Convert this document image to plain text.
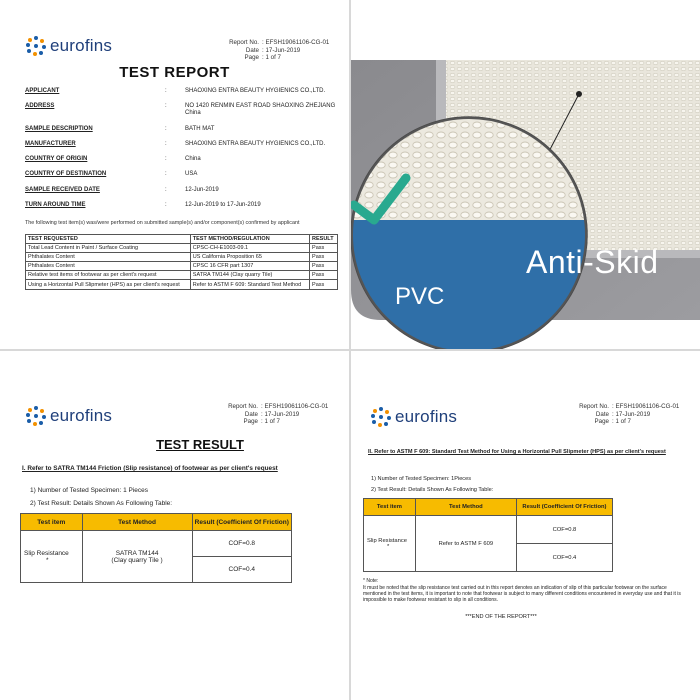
eurofins	Report No. :
EFSH19061106-CG-01
Date :
17-Jun-2019
Page :
1 of 7
TEST REPORT
APPLICANT	:	SHAOXING ENTRA BEAUTY HYGIENICS CO.,LTD.
ADDRESS	:	NO 1420 RENMIN EAST ROAD SHAOXING ZHEJIANG China
SAMPLE DESCRIPTION	:	BATH MAT
MANUFACTURER	:	SHAOXING ENTRA BEAUTY HYGIENICS CO.,LTD.
COUNTRY OF ORIGIN	:	China
COUNTRY OF DESTINATION	:	USA
SAMPLE RECEIVED DATE	:	12-Jun-2019
TURN AROUND TIME	:	12-Jun-2019 to 17-Jun-2019
The following test item(s) was/were performed on submitted sample(s) and/or component(s) confirmed by applicant
TEST REQUESTED	TEST METHOD/REGULATION	RESULT
Total Lead Content in Paint / Surface Coating	CPSC-CH-E1003-09.1	Pass
Phthalates Content	US California Proposition 65	Pass
Phthalates Content	CPSC 16 CFR part 1307	Pass
Relative test items of footwear as per client's request	SATRA TM144 (Clay quarry Tile)	Pass
Using a Horizontal Pull Slipmeter (HPS) as per client's request	Refer to ASTM F 609: Standard Test Method	Pass
Anti-Skid
PVC
eurofins	Report No. :
EFSH19061106-CG-01
Date :
17-Jun-2019
Page :
1 of 7
TEST RESULT
I. Refer to SATRA TM144 Friction (Slip resistance) of footwear as per client's request
1) Number of Tested Specimen: 1 Pieces
2) Test Result: Details Shown As Following Table:
Test item	Test Method	Result (Coefficient Of Friction)
Slip Resistance
*	SATRA TM144
(Clay quarry Tile )	COF=0.8
		COF=0.4
eurofins
Report No. :
EFSH19061106-CG-01
Date :
17-Jun-2019
Page :
1 of 7
II. Refer to ASTM F 609: Standard Test Method for Using a Horizontal Pull Slipmeter (HPS) as per client's request
1) Number of Tested Specimen: 1Pieces
2) Test Result: Details Shown As Following Table:
Test item	Test Method	Result (Coefficient Of Friction)
Slip Resistance
*	Refer to ASTM F 609	COF=0.8
		COF=0.4
* Note:
It must be noted that the slip resistance test carried out in this report denotes an indication of slip of this particular footwear on the surface mentioned in the test items, it is important to note that footwear is subject to many different conditions encountered in everyday use and that it is impossible to make footwear resistant to slip in all conditions.
***END OF THE REPORT***
